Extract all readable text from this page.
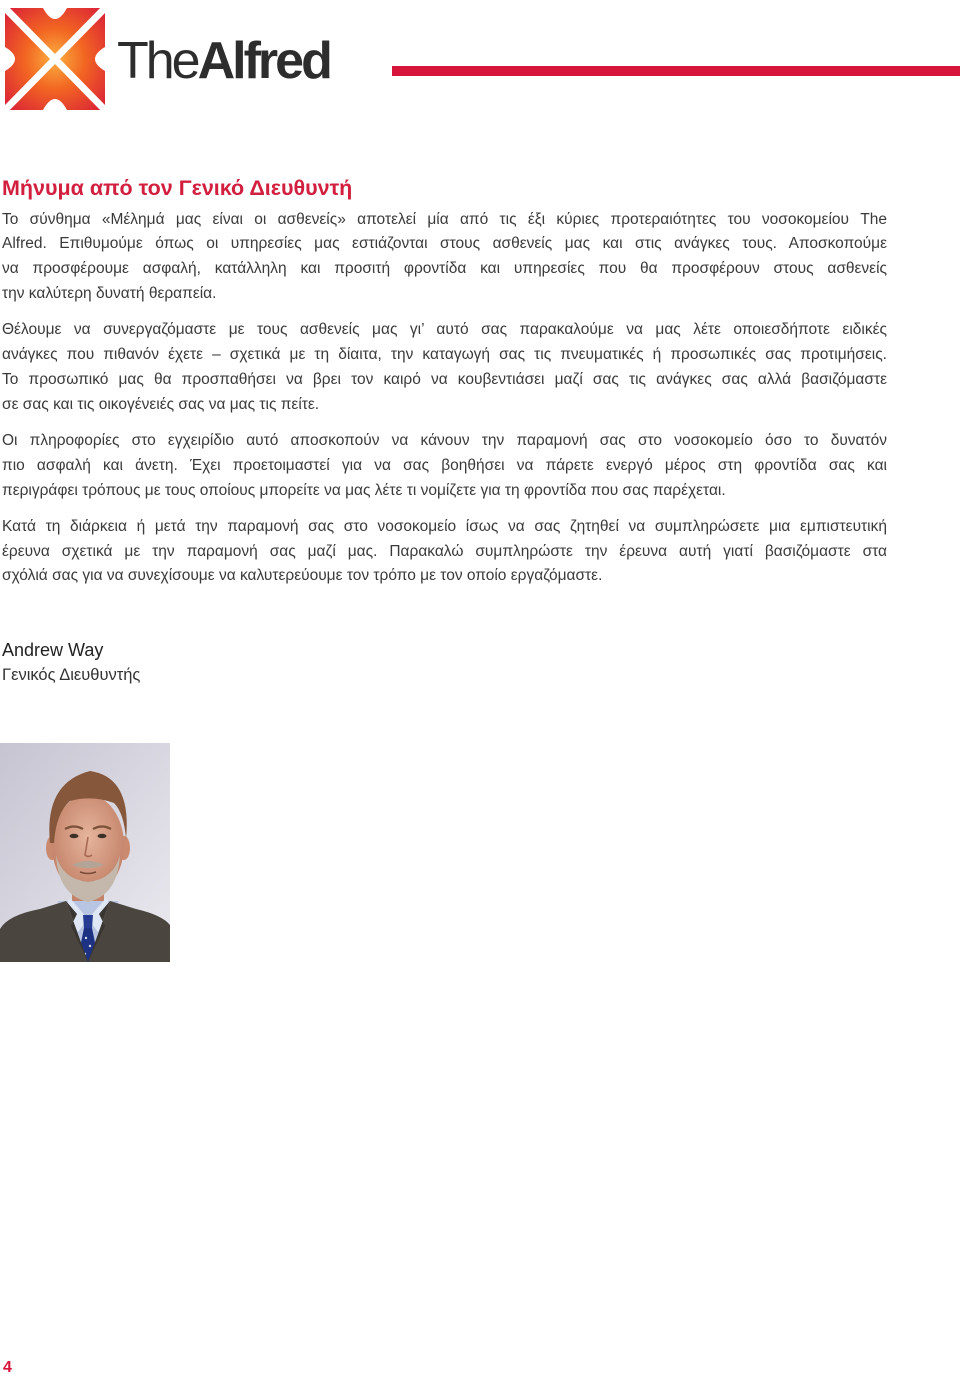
TheAlfred
Μήνυμα από τον Γενικό Διευθυντή

Το σύνθημα «Μέλημά μας είναι οι ασθενείς» αποτελεί μία από τις έξι κύριες προτεραιότητες του νοσοκομείου The
Alfred. Επιθυμούμε όπως οι υπηρεσίες μας εστιάζονται στους ασθενείς μας και στις ανάγκες τους. Αποσκοπούμε
να προσφέρουμε ασφαλή, κατάλληλη και προσιτή φροντίδα και υπηρεσίες που θα προσφέρουν στους ασθενείς
την καλύτερη δυνατή θεραπεία.

Θέλουμε να συνεργαζόμαστε με τους ασθενείς μας γι’ αυτό σας παρακαλούμε να μας λέτε οποιεσδήποτε ειδικές
ανάγκες που πιθανόν έχετε – σχετικά με τη δίαιτα, την καταγωγή σας τις πνευματικές ή προσωπικές σας προτιμήσεις.
Το προσωπικό μας θα προσπαθήσει να βρει τον καιρό να κουβεντιάσει μαζί σας τις ανάγκες σας αλλά βασιζόμαστε
σε σας και τις οικογένειές σας να μας τις πείτε.

Οι πληροφορίες στο εγχειρίδιο αυτό αποσκοπούν να κάνουν την παραμονή σας στο νοσοκομείο όσο το δυνατόν
πιο ασφαλή και άνετη. Έχει προετοιμαστεί για να σας βοηθήσει να πάρετε ενεργό μέρος στη φροντίδα σας και
περιγράφει τρόπους με τους οποίους μπορείτε να μας λέτε τι νομίζετε για τη φροντίδα που σας παρέχεται.

Κατά τη διάρκεια ή μετά την παραμονή σας στο νοσοκομείο ίσως να σας ζητηθεί να συμπληρώσετε μια εμπιστευτική
έρευνα σχετικά με την παραμονή σας μαζί μας. Παρακαλώ συμπληρώστε την έρευνα αυτή γιατί βασιζόμαστε στα
σχόλιά σας για να συνεχίσουμε να καλυτερεύουμε τον τρόπο με τον οποίο εργαζόμαστε.

Andrew Way
Γενικός Διευθυντής
4
